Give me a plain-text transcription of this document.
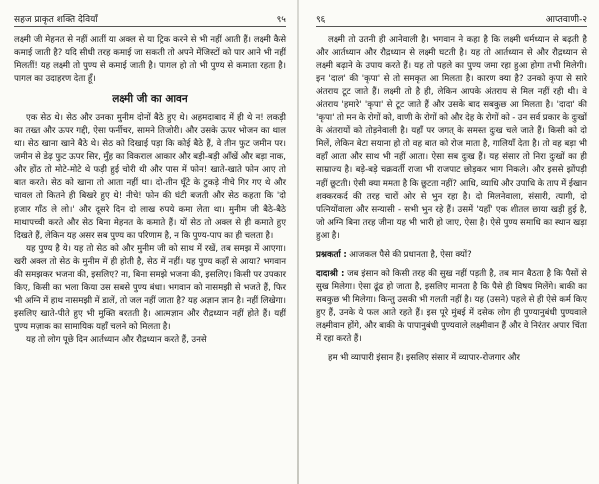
सहज प्राकृत शक्ति देवियाँ	९५

लक्ष्मी जी मेहनत से नहीं आतीं या अक्ल से या ट्रिक करने से भी नहीं आती हैं। लक्ष्मी कैसे कमाई जाती है? यदि सीधी तरह कमाई जा सकती तो अपने मेंजिस्टों को पार आने भी नहीं मिलतीं! यह लक्ष्मी तो पुण्य से कमाई जाती है। पागल हो तो भी पुण्य से कमाता रहता है। पागल का उदाहरण देता हूँ।

लक्ष्मी जी का आवन

एक सेठ थे। सेठ और उनका मुनीम दोनों बैठे हुए थे। अहमदाबाद में ही थे न! लकड़ी का तख्त और ऊपर गद्दी, ऐसा फर्नीचर, सामने तिजोरी। और उसके ऊपर भोजन का थाल था। सेठ खाना खाने बैठे थे। सेठ को दिखाई पड़ा कि कोई बैठे हैं, वे तीन फुट जमीन पर। जमीन से डेढ़ फुट ऊपर सिर, मुँह का विकराल आकार और बड़ी-बड़ी आँखें और बड़ा नाक, और होंठ तो मोटे-मोटे थे फड़ी हुई चोरी थी और पास में फोन! खाते-खाते फोन आए तो बात करते। सेठ को खाना तो आता नहीं था। दो-तीन घूँटे के टुकड़े नीचे गिर गए थे और चावल तो कितने ही बिखरे हुए थे! नीचे! फोन की घंटी बजती और सेठ कहता कि 'दो हजार गाँठ ले लो।' और दूसरे दिन दो लाख रुपये कमा लेता था। मुनीम जी बैठे-बैठे माथापच्ची करते और सेठ बिना मेहनत के कमाते हैं। यों सेठ तो अक्ल से ही कमाते हुए दिखते हैं, लेकिन यह असर सब पुण्य का परिणाम है, न कि पुण्य-पाप का ही चलता है।

यह पुण्य है ये। यह तो सेठ को और मुनीम जी को साथ में रखें, तब समझ में आएगा। खरी अक्ल तो सेठ के मुनीम में ही होती है, सेठ में नहीं। यह पुण्य कहाँ से आया? भगवान की समझकर भजना की, इसलिए? ना, बिना समझे भजना की, इसलिए। किसी पर उपकार किए, किसी का भला किया उस सबसे पुण्य बंधा। भगवान को नासमझी से भजते हैं, फिर भी अग्नि में हाथ नासमझी में डालें, तो जल नहीं जाता है? यह अज्ञान ज्ञान है। नहीं लिखेगा। इसलिए खाते-पीते हुए भी मुक्ति बरतती है। आत्मज्ञान और रौद्रध्यान नहीं होते हैं। यहीं पुण्य मज़ाक का सामायिक यहाँ चलने को मिलता है।

यह तो लोग पूछे दिन आर्तध्यान और रौद्रध्यान करते हैं, उनसे

९६	आप्तवाणी-२

लक्ष्मी तो उतनी ही आनेवाली है। भगवान ने कहा है कि लक्ष्मी धर्मध्यान से बढ़ती है और आर्तध्यान और रौद्रध्यान से लक्ष्मी घटती है। यह तो आर्तध्यान से और रौद्रध्यान से लक्ष्मी बढ़ाने के उपाय करते हैं। यह तो पहले का पुण्य जमा रहा हुआ होगा तभी मिलेगी। इन 'दाल' की 'कृपा' से तो समकृत आ मिलता है। कारण क्या है? उनको कृपा से सारे अंतराय टूट जाते हैं। लक्ष्मी तो है ही, लेकिन आपके अंतराय से मिल नहीं रही थी। वे अंतराय 'हमारे' 'कृपा' से टूट जाते हैं और उसके बाद सबकुछ आ मिलता है। 'दादा' की 'कृपा' तो मन के रोगों को, वाणी के रोगों को और देह के रोगों को - उन सर्व प्रकार के दुःखों के अंतरायों को तोड़नेवाली है। यहाँ पर जगत् के समस्त दुःख चले जाते हैं। किसी को दो मिलें, लेकिन बेटा सयाना हो तो वह बात को रोज माता है, गालियाँ देता है। तो वह बड़ा भी वहाँ आता और साथ भी नहीं आता। ऐसा सब दुःख हैं। यह संसार तो निरा दुःखों का ही साम्राज्य है। बड़े-बड़े चक्रवर्ती राजा भी राजपाट छोड़कर भाग निकले। और इससे झोंपड़ी नहीं छूटती। ऐसी क्या ममता है कि छूटता नहीं? आधि, व्याधि और उपाधि के ताप में ईखान शक्करकर्द की तरह चारों ओर से भुन रहा है। दो मिलनेवाला, संसारी, त्यागी, दो पत्नियोंवाला और सन्यासी - सभी भुन रहे हैं। उसमें 'यहाँ' एक शीतल छाया खड़ी हुई है, जो अग्नि बिना तरह जीना यह भी भारी हो जाए, ऐसा है। ऐसे पुण्य समाधि का स्थान खड़ा हुआ है।

प्रश्नकर्ता : आजकल पैसे की प्रधानता है, ऐसा क्यों?

दादाश्री : जब इंसान को किसी तरह की सुख नहीं पड़ती है, तब मान बैठता है कि पैसों से सुख मिलेगा। ऐसा ढूंढ हो जाता है, इसलिए मानता है कि पैसे ही विषय मिलेंगे। बाकी का सबकुछ भी मिलेगा। किन्तु उसकी भी गलती नहीं है। यह (उसने) पहले से ही ऐसे कर्म किए हुए हैं, उनके ये फल आते रहते हैं। इस पूरे मुंबई में दसेक लोग ही पुण्यानुबंधी पुण्यवाले लक्ष्मीवान होंगे, और बाकी के पापानुबंधी पुण्यवाले लक्ष्मीवान हैं और वे निरंतर अपार चिंता में रहा करते हैं।

हम भी व्यापारी इंसान हैं। इसलिए संसार में व्यापार-रोजगार और
